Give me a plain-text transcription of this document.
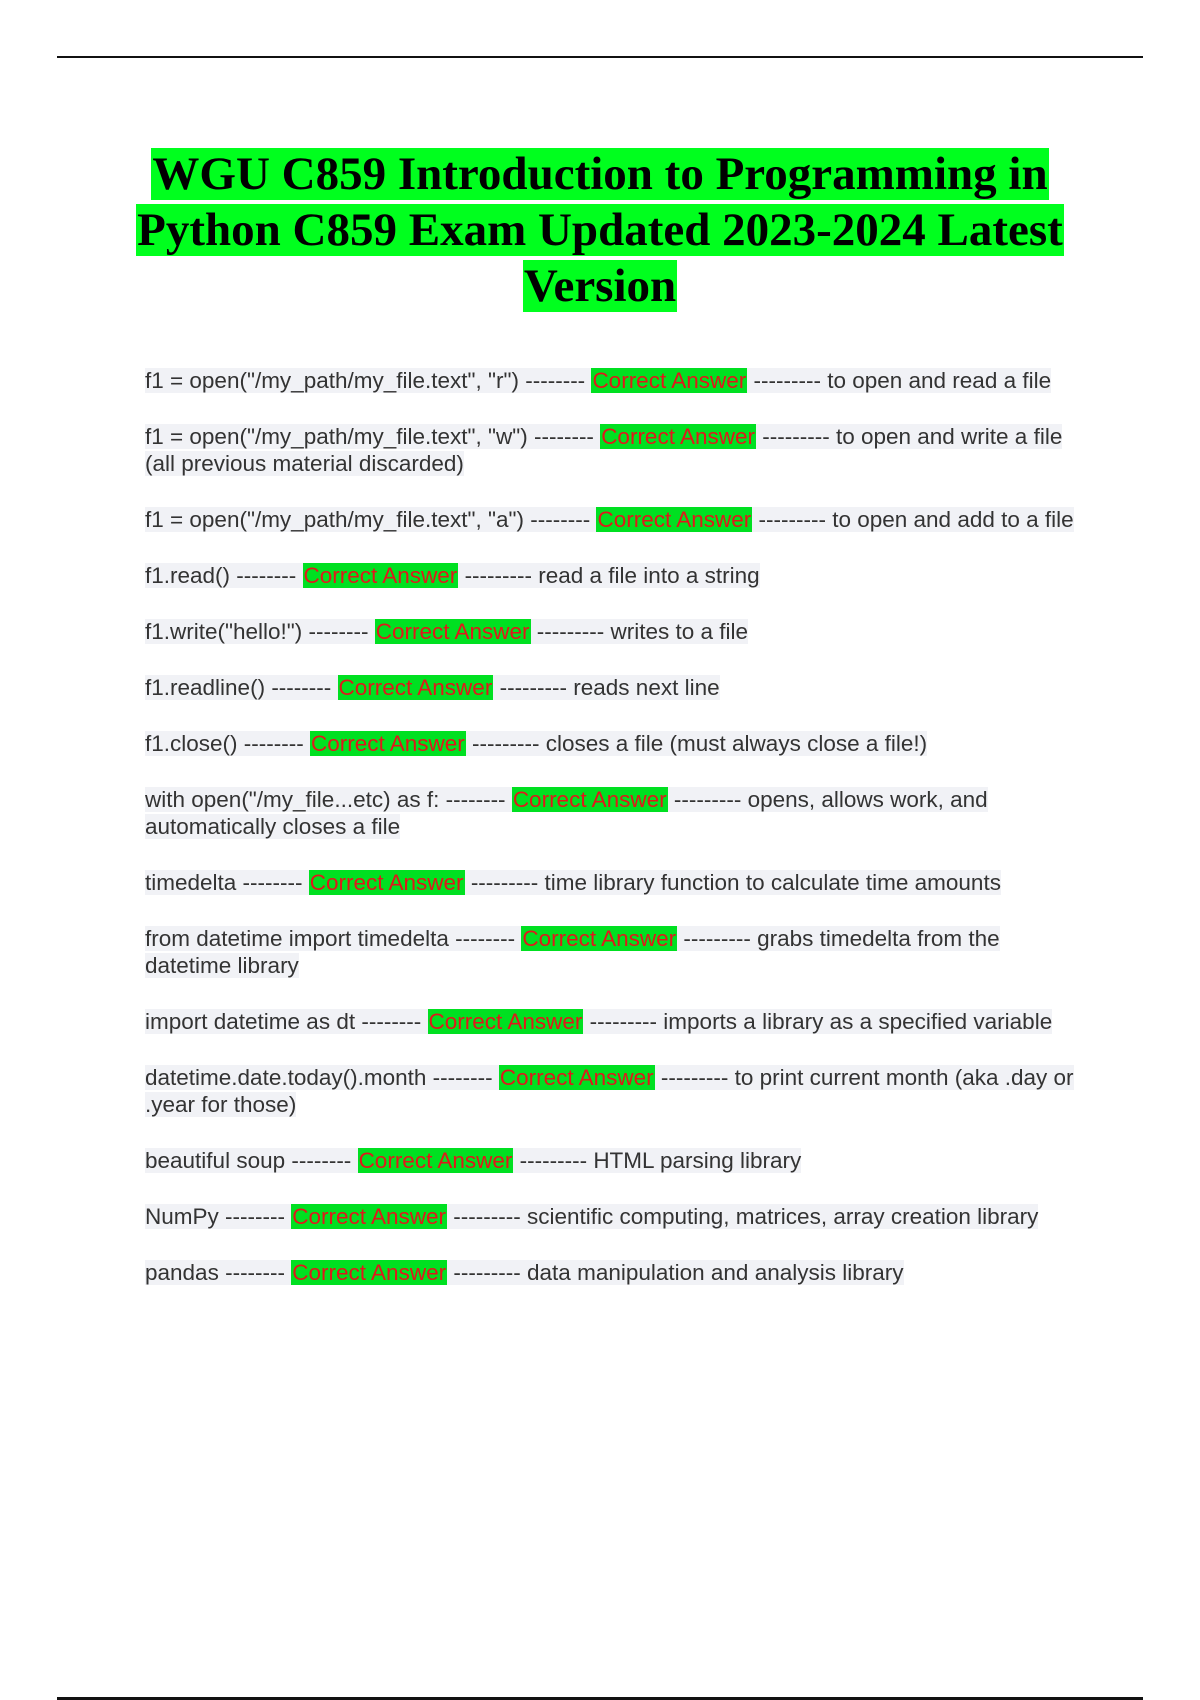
WGU C859 Introduction to Programming in Python C859 Exam Updated 2023-2024 Latest Version

f1 = open("/my_path/my_file.text", "r") -------- Correct Answer --------- to open and read a file

f1 = open("/my_path/my_file.text", "w") -------- Correct Answer --------- to open and write a file (all previous material discarded)

f1 = open("/my_path/my_file.text", "a") -------- Correct Answer --------- to open and add to a file

f1.read() -------- Correct Answer --------- read a file into a string

f1.write("hello!") -------- Correct Answer --------- writes to a file

f1.readline() -------- Correct Answer --------- reads next line

f1.close() -------- Correct Answer --------- closes a file (must always close a file!)

with open("/my_file...etc) as f: -------- Correct Answer --------- opens, allows work, and automatically closes a file

timedelta -------- Correct Answer --------- time library function to calculate time amounts

from datetime import timedelta -------- Correct Answer --------- grabs timedelta from the datetime library

import datetime as dt -------- Correct Answer --------- imports a library as a specified variable

datetime.date.today().month -------- Correct Answer --------- to print current month (aka .day or .year for those)

beautiful soup -------- Correct Answer --------- HTML parsing library

NumPy -------- Correct Answer --------- scientific computing, matrices, array creation library

pandas -------- Correct Answer --------- data manipulation and analysis library
